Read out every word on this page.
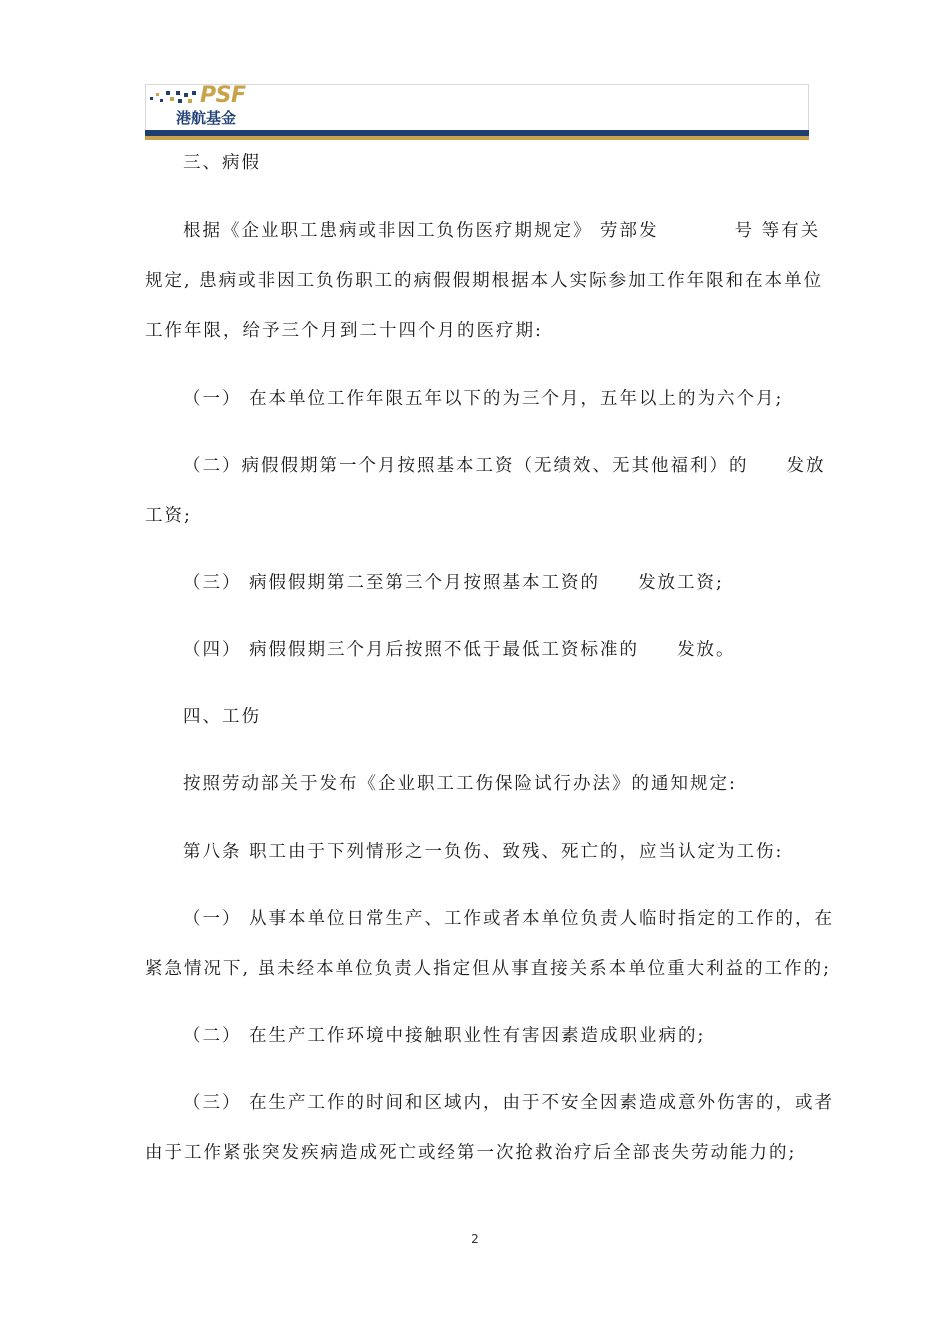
PSF
港航基金
三、病假
根据《企业职工患病或非因工负伤医疗期规定》 劳部发	号 等有关
规定, 患病或非因工负伤职工的病假假期根据本人实际参加工作年限和在本单位
工作年限，给予三个月到二十四个月的医疗期:
（一） 在本单位工作年限五年以下的为三个月，五年以上的为六个月;
（二）病假假期第一个月按照基本工资（无绩效、无其他福利）的 发放
工资;
（三） 病假假期第二至第三个月按照基本工资的 发放工资;
（四） 病假假期三个月后按照不低于最低工资标准的 发放。
四、工伤
按照劳动部关于发布《企业职工工伤保险试行办法》的通知规定:
第八条 职工由于下列情形之一负伤、致残、死亡的，应当认定为工伤:
（一） 从事本单位日常生产、工作或者本单位负责人临时指定的工作的，在
紧急情况下, 虽未经本单位负责人指定但从事直接关系本单位重大利益的工作的;
（二） 在生产工作环境中接触职业性有害因素造成职业病的;
（三） 在生产工作的时间和区域内，由于不安全因素造成意外伤害的，或者
由于工作紧张突发疾病造成死亡或经第一次抢救治疗后全部丧失劳动能力的;
2
